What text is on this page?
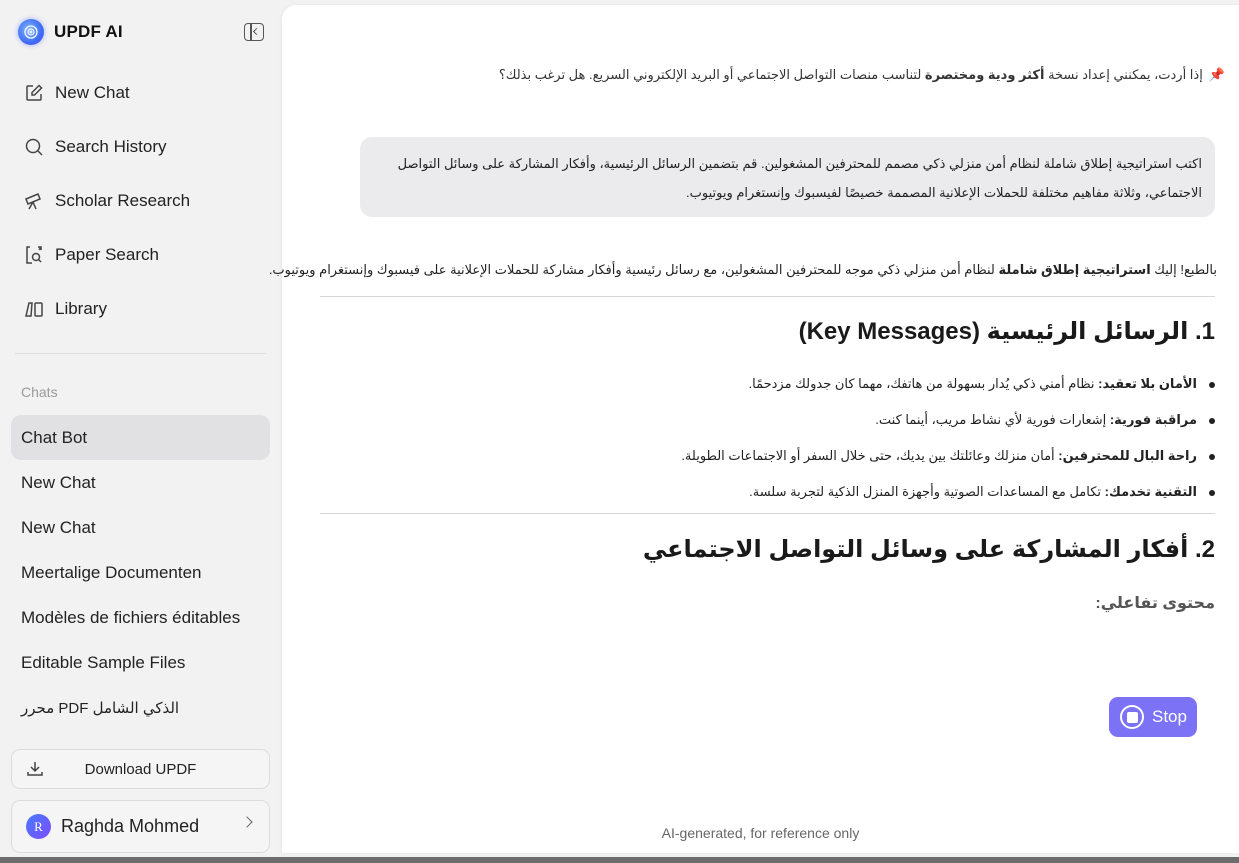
UPDF AI
New Chat
Search History
Scholar Research
Paper Search
Library
Chats
Chat Bot
New Chat
New Chat
Meertalige Documenten
Modèles de fichiers éditables
Editable Sample Files
محرر PDF الذكي الشامل
Download UPDF
R	Raghda Mohmed
📌إذا أردت، يمكنني إعداد نسخة أكثر ودية ومختصرة لتناسب منصات التواصل الاجتماعي أو البريد الإلكتروني السريع. هل ترغب بذلك؟
اكتب استراتيجية إطلاق شاملة لنظام أمن منزلي ذكي مصمم للمحترفين المشغولين. قم بتضمين الرسائل الرئيسية، وأفكار المشاركة على وسائل التواصل الاجتماعي، وثلاثة مفاهيم مختلفة للحملات الإعلانية المصممة خصيصًا لفيسبوك وإنستغرام ويوتيوب.
بالطبع! إليك استراتيجية إطلاق شاملة لنظام أمن منزلي ذكي موجه للمحترفين المشغولين، مع رسائل رئيسية وأفكار مشاركة للحملات الإعلانية على فيسبوك وإنستغرام ويوتيوب.
1. الرسائل الرئيسية (Key Messages)
الأمان بلا تعقيد: نظام أمني ذكي يُدار بسهولة من هاتفك، مهما كان جدولك مزدحمًا.
مراقبة فورية: إشعارات فورية لأي نشاط مريب، أينما كنت.
راحة البال للمحترفين: أمان منزلك وعائلتك بين يديك، حتى خلال السفر أو الاجتماعات الطويلة.
التقنية تخدمك: تكامل مع المساعدات الصوتية وأجهزة المنزل الذكية لتجربة سلسة.
2. أفكار المشاركة على وسائل التواصل الاجتماعي
محتوى تفاعلي:
Stop
AI-generated, for reference only
